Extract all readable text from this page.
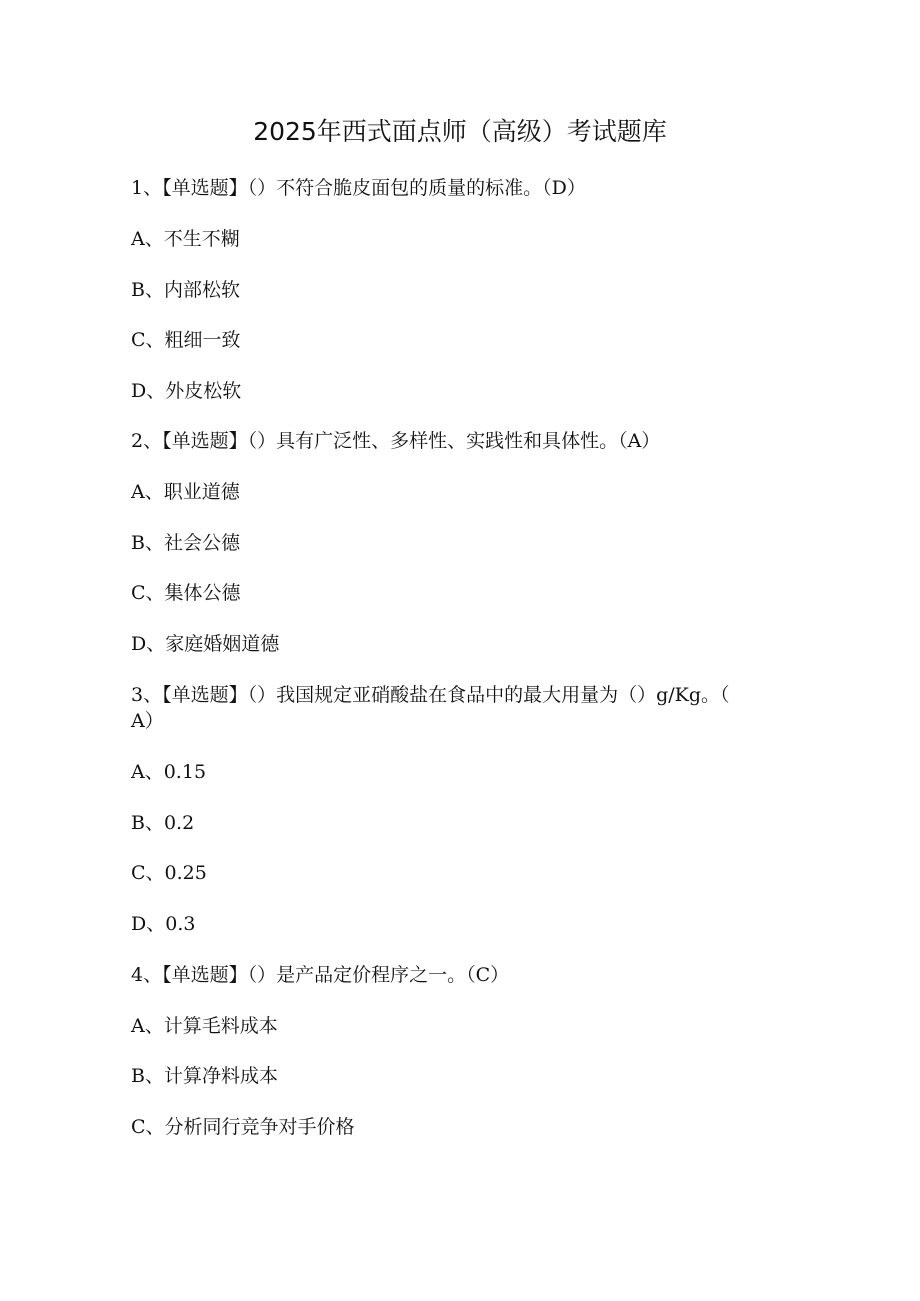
2025年西式面点师（高级）考试题库
1、【单选题】（）不符合脆皮面包的质量的标准。（D）
A、不生不糊
B、内部松软
C、粗细一致
D、外皮松软
2、【单选题】（）具有广泛性、多样性、实践性和具体性。（A）
A、职业道德
B、社会公德
C、集体公德
D、家庭婚姻道德
3、【单选题】（）我国规定亚硝酸盐在食品中的最大用量为（）g/Kg。（
A）
A、0.15
B、0.2
C、0.25
D、0.3
4、【单选题】（）是产品定价程序之一。（C）
A、计算毛料成本
B、计算净料成本
C、分析同行竞争对手价格
